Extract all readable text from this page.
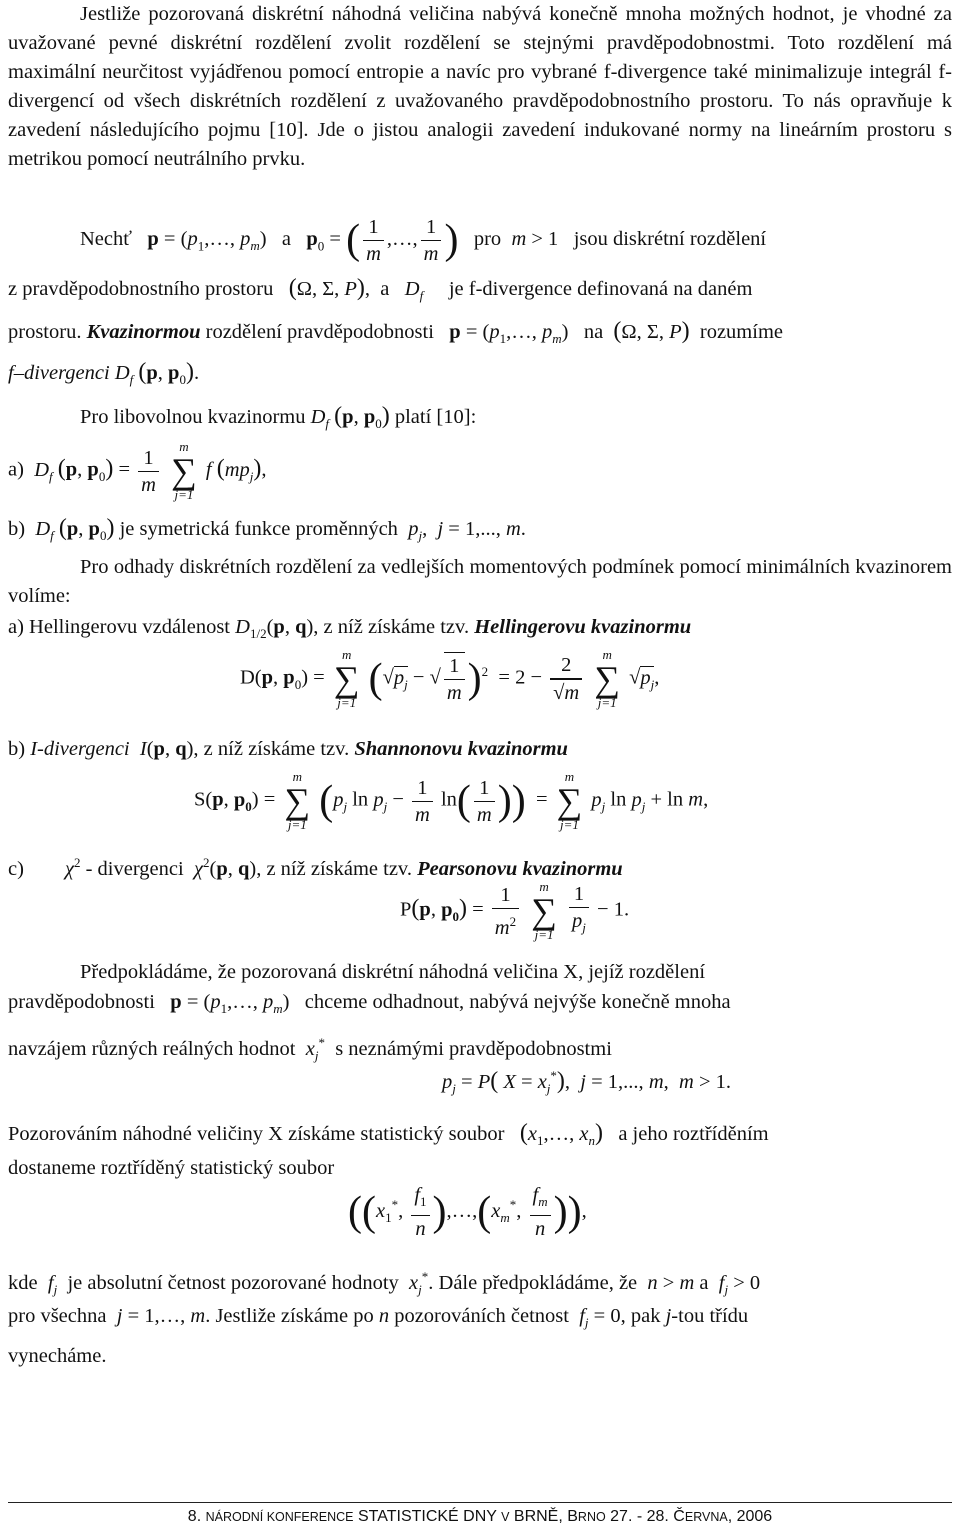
Jestliže pozorovaná diskrétní náhodná veličina nabývá konečně mnoha možných hodnot, je vhodné za uvažované pevné diskrétní rozdělení zvolit rozdělení se stejnými pravděpodobnostmi. Toto rozdělení má maximální neurčitost vyjádřenou pomocí entropie a navíc pro vybrané f-divergence také minimalizuje integrál f-divergencí od všech diskrétních rozdělení z uvažovaného pravděpodobnostního prostoru. To nás opravňuje k zavedení následujícího pojmu [10]. Jde o jistou analogii zavedení indukované normy na lineárním prostoru s metrikou pomocí neutrálního prvku.

Nechť $p = (p_1,\dots$, $p_m$)   a $p_0$ = ( $\frac{1}{m}$ ,…, $\frac{1}{m}$ ) pro m > 1   jsou diskrétní rozdělení
z pravděpodobnostního prostoru (Ω, Σ, P),  a   $D_f$ je f-divergence definovaná na daném
prostoru. Kvazinormou rozdělení pravděpodobnosti $p = (p_1,\dots$, $p_m$)   na (Ω, Σ, P) rozumíme
f–divergenci $D_f$ (p, $p_0$).
Pro libovolnou kvazinormu $D_f$ (p, $p_0$) platí [10]:
a) $D_f$ (p, $p_0) = \frac{1}{m}$
	m
∑
j=1
f $(mp_j)$,
b) $D_f$ (p, $p_0$) je symetrická funkce proměnných $p_j$,  j = 1,..., m.

Pro odhady diskrétních rozdělení za vedlejších momentových podmínek pomocí minimálních kvazinorem volíme:

a) Hellingerovu vzdálenost $D_{1/2}(p$, q), z níž získáme tzv. Hellingerovu kvazinormu
D(p, $p_0$) =
m
∑
j=1
($√p_j$ − √ $\frac{1}{m} )^2 = 2 - \frac{2}{√m}$
	m
∑
j=1
$√p_j$,
b) I-divergenci I(p, q), z níž získáme tzv. Shannonovu kvazinormu
S(p, $p_0$) =
m
∑
j=1
($p_j$ $\ln p_j - \frac{1}{m} \ln( \frac{1}{m}$ ))  =
m
∑
j=1
$p_j$ $\ln p_j + \ln m$,
c) $\chi^2$ - divergenci $\chi^2(p$, q), z níž získáme tzv. Pearsonovu kvazinormu
P(p, $p_0) = \frac{1}{m^2}$
	m
∑
j=1
$\frac{1}{p_j} - 1$.

Předpokládáme, že pozorovaná diskrétní náhodná veličina X, jejíž rozdělení

pravděpodobnosti $p = (p_1,\dots$, $p_m$)   chceme odhadnout, nabývá nejvýše konečně mnoha
navzájem různých reálných hodnot $x_j^*$ s neznámými pravděpodobnostmi
$p_j = P$( $X = x_j^*$),  j = 1,..., m,  m > 1.
Pozorováním náhodné veličiny X získáme statistický soubor ($x_1,\dots$, $x_n$) a jeho roztříděním
dostaneme roztříděný statistický soubor
(($x_1^*$, $\frac{f_1}{n}$ )$,\dots,(x_m^*$, $\frac{f_m}{n}$ )),
kde $f_j$ je absolutní četnost pozorované hodnoty $x_j^*$. Dále předpokládáme, že n > m a $f_j > 0$
pro všechna j = 1,…, m. Jestliže získáme po n pozorováních četnost $f_j = 0$, pak j-tou třídu
vynecháme.
8. NÁRODNÍ KONFERENCE STATISTICKÉ DNY V BRNĚ, BRNO 27. - 28. ČERVNA, 2006
